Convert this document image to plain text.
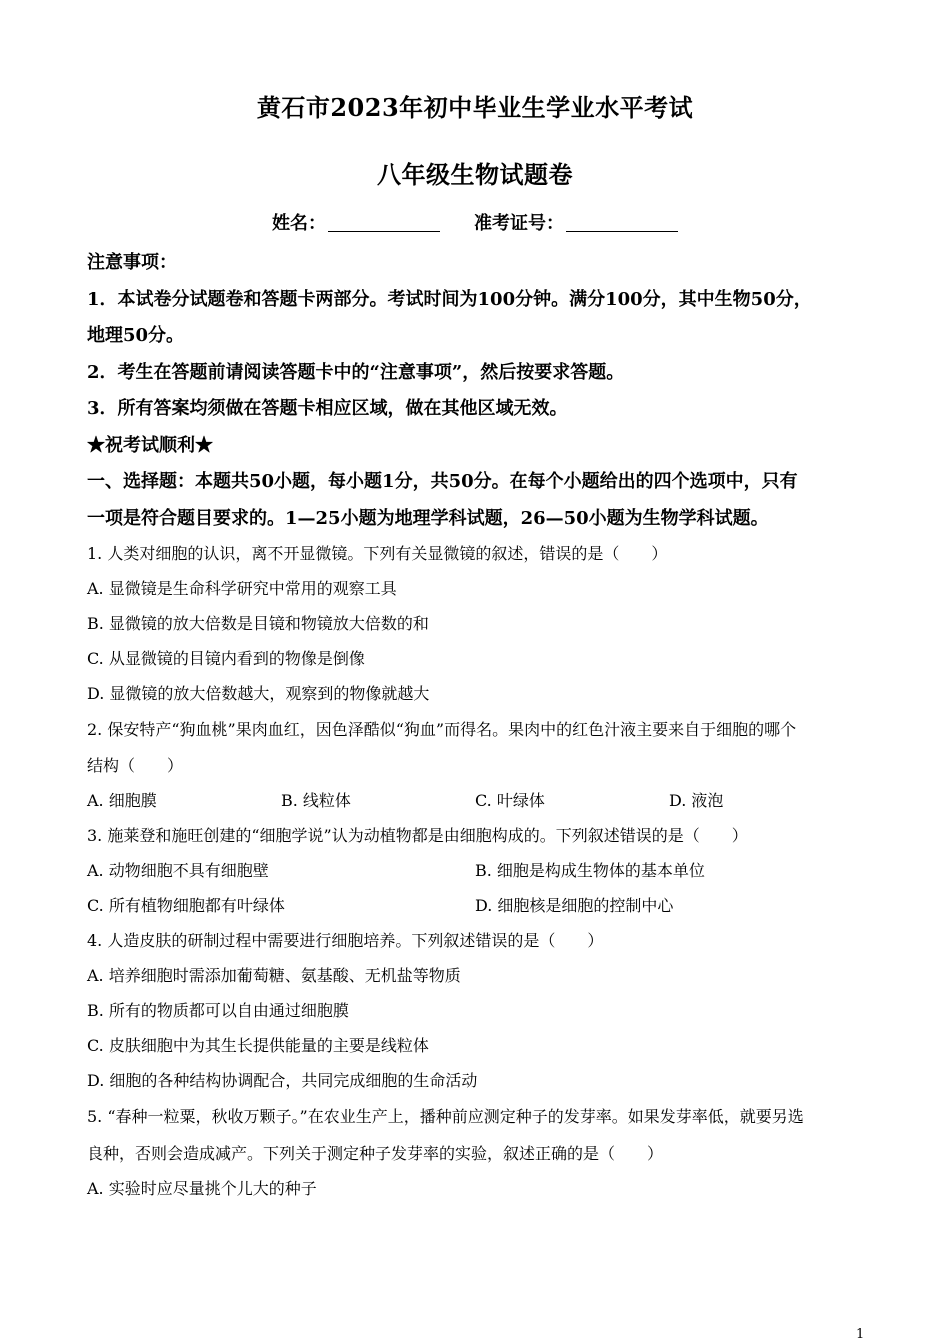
黄石市2023年初中毕业生学业水平考试
八年级生物试题卷
姓名：	准考证号：
注意事项：
1．本试卷分试题卷和答题卡两部分。考试时间为100分钟。满分100分，其中生物50分，
地理50分。
2．考生在答题前请阅读答题卡中的“注意事项”，然后按要求答题。
3．所有答案均须做在答题卡相应区域，做在其他区域无效。
★祝考试顺利★
一、选择题：本题共50小题，每小题1分，共50分。在每个小题给出的四个选项中，只有
一项是符合题目要求的。1—25小题为地理学科试题，26—50小题为生物学科试题。
1. 人类对细胞的认识，离不开显微镜。下列有关显微镜的叙述，错误的是（　　）
A. 显微镜是生命科学研究中常用的观察工具
B. 显微镜的放大倍数是目镜和物镜放大倍数的和
C. 从显微镜的目镜内看到的物像是倒像
D. 显微镜的放大倍数越大，观察到的物像就越大
2. 保安特产“狗血桃”果肉血红，因色泽酷似“狗血”而得名。果肉中的红色汁液主要来自于细胞的哪个
结构（　　）
A. 细胞膜	B. 线粒体	C. 叶绿体	D. 液泡
3. 施莱登和施旺创建的“细胞学说”认为动植物都是由细胞构成的。下列叙述错误的是（　　）
A. 动物细胞不具有细胞壁	B. 细胞是构成生物体的基本单位
C. 所有植物细胞都有叶绿体	D. 细胞核是细胞的控制中心
4. 人造皮肤的研制过程中需要进行细胞培养。下列叙述错误的是（　　）
A. 培养细胞时需添加葡萄糖、氨基酸、无机盐等物质
B. 所有的物质都可以自由通过细胞膜
C. 皮肤细胞中为其生长提供能量的主要是线粒体
D. 细胞的各种结构协调配合，共同完成细胞的生命活动
5. “春种一粒粟，秋收万颗子。”在农业生产上，播种前应测定种子的发芽率。如果发芽率低，就要另选
良种，否则会造成减产。下列关于测定种子发芽率的实验，叙述正确的是（　　）
A. 实验时应尽量挑个儿大的种子
1
